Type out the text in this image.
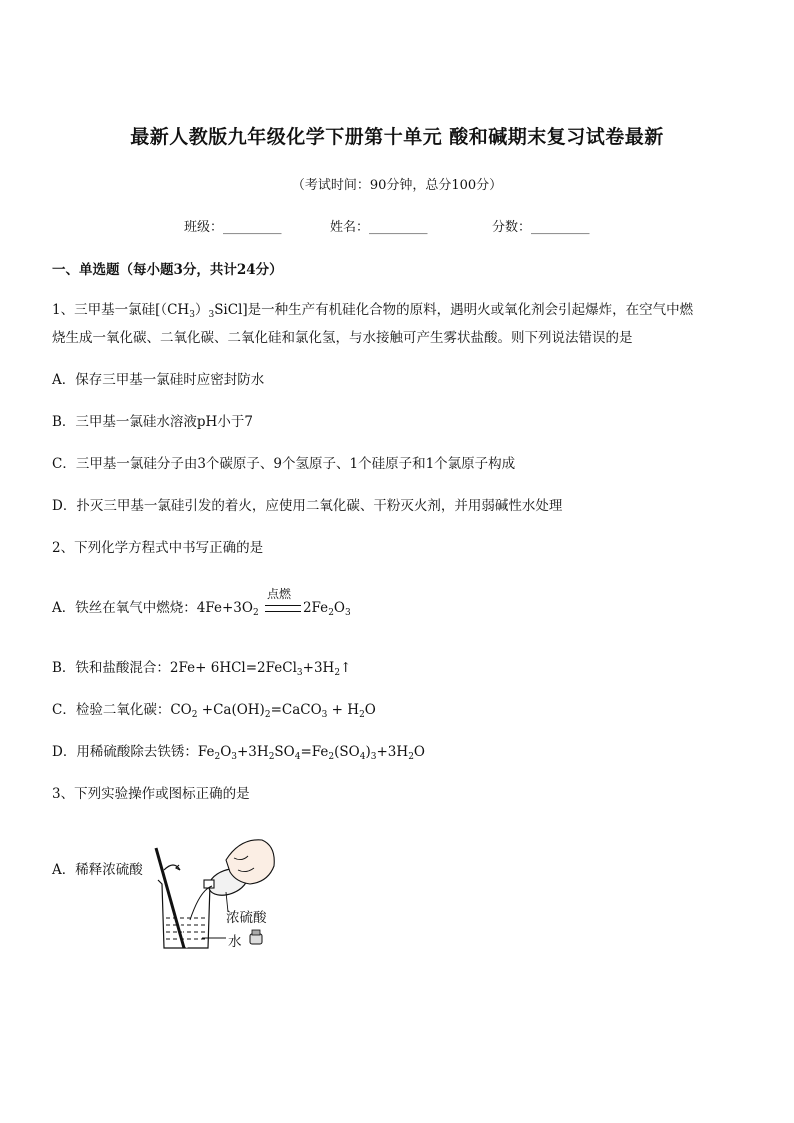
最新人教版九年级化学下册第十单元 酸和碱期末复习试卷最新
（考试时间：90分钟，总分100分）
班级：_________	姓名：_________	分数：_________
一、单选题（每小题3分，共计24分）
1、三甲基一氯硅$[(CH_3)_3SiCl]$是一种生产有机硅化合物的原料，遇明火或氧化剂会引起爆炸，在空气中燃
烧生成一氧化碳、二氧化碳、二氧化硅和氯化氢，与水接触可产生雾状盐酸。则下列说法错误的是
A．保存三甲基一氯硅时应密封防水
B．三甲基一氯硅水溶液pH小于7
C．三甲基一氯硅分子由3个碳原子、9个氢原子、1个硅原子和1个氯原子构成
D．扑灭三甲基一氯硅引发的着火，应使用二氧化碳、干粉灭火剂，并用弱碱性水处理
2、下列化学方程式中书写正确的是
A．铁丝在氧气中燃烧：$4Fe+3O_2$
点燃
$2Fe_2O_3$
B．铁和盐酸混合：$2Fe+ 6HCl=2FeCl_3+3H_2↑$
C．检验二氧化碳：$CO_2$ $+Ca(OH)_2=CaCO_3 + H_2O$
D．用稀硫酸除去铁锈：$Fe_2O_3+3H_2SO_4=Fe_2(SO_4)_3+3H_2O$
3、下列实验操作或图标正确的是
A．稀释浓硫酸
浓硫酸
水
